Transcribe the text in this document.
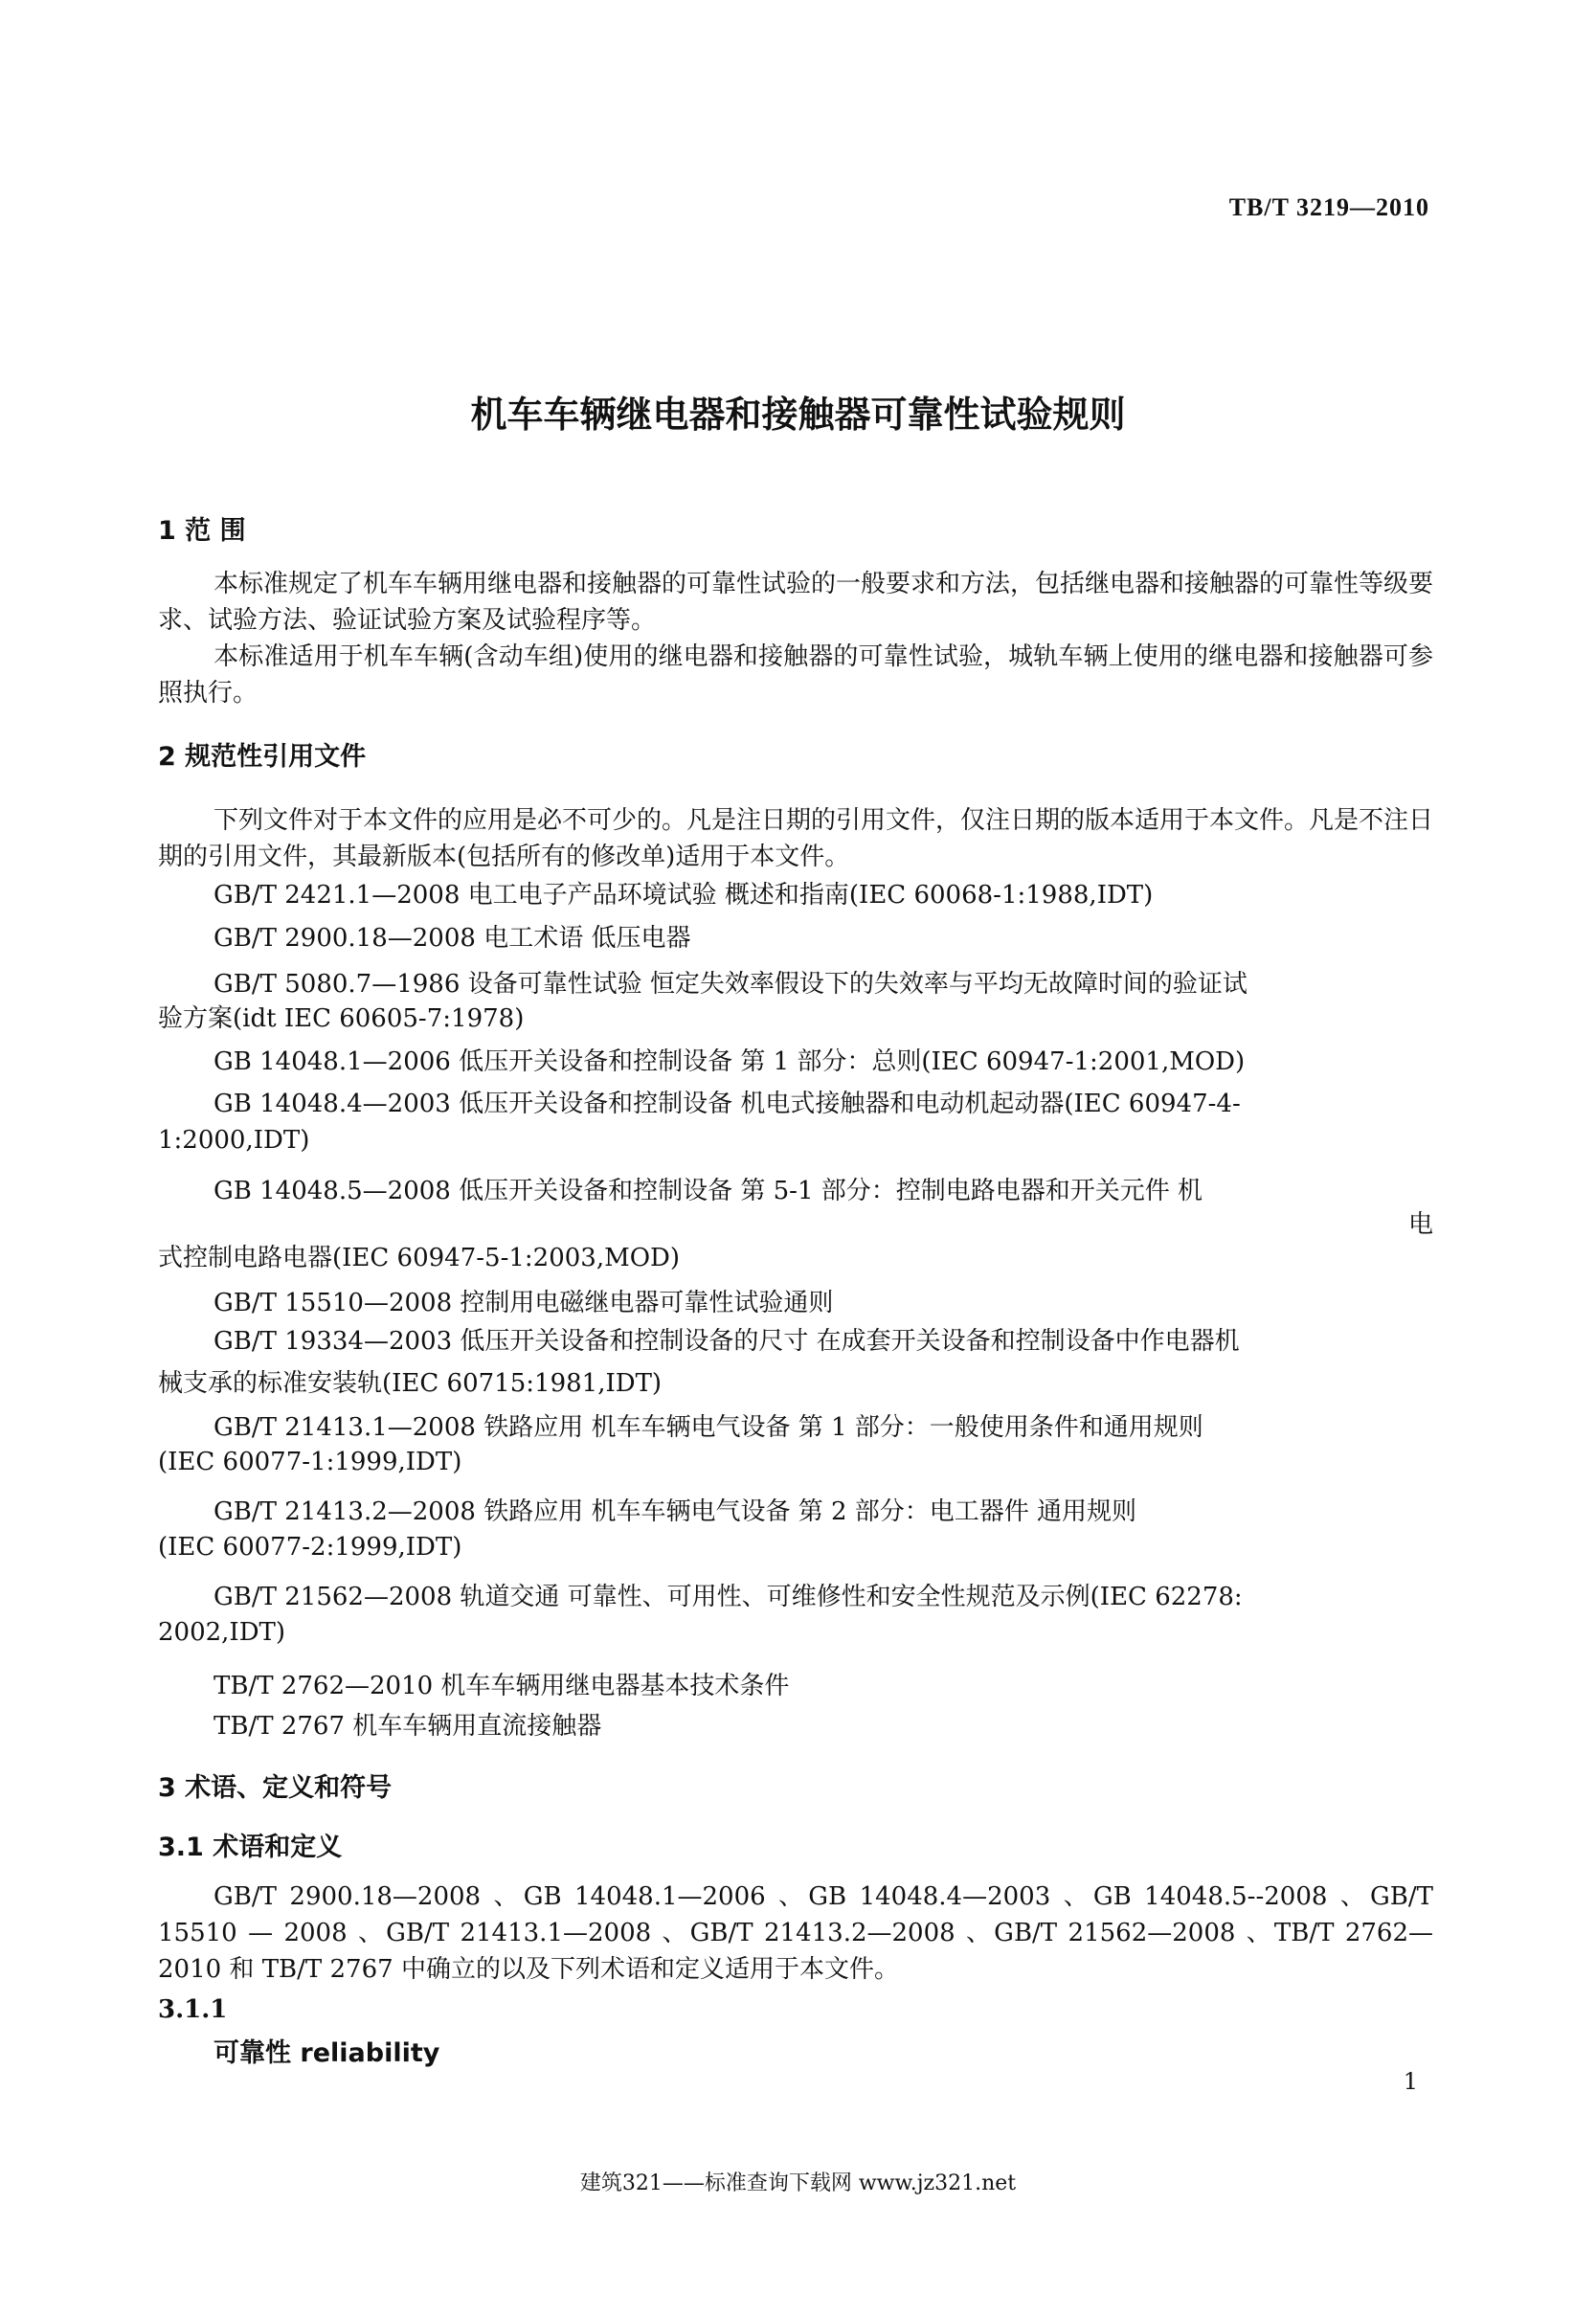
TB/T 3219—2010
机车车辆继电器和接触器可靠性试验规则
1 范 围
本标准规定了机车车辆用继电器和接触器的可靠性试验的一般要求和方法，包括继电器和接触器的可靠性等级要求、试验方法、验证试验方案及试验程序等。
本标准适用于机车车辆(含动车组)使用的继电器和接触器的可靠性试验，城轨车辆上使用的继电器和接触器可参照执行。
2 规范性引用文件
下列文件对于本文件的应用是必不可少的。凡是注日期的引用文件，仅注日期的版本适用于本文件。凡是不注日期的引用文件，其最新版本(包括所有的修改单)适用于本文件。
GB/T 2421.1—2008 电工电子产品环境试验 概述和指南(IEC 60068-1:1988,IDT)
GB/T 2900.18—2008 电工术语 低压电器
GB/T 5080.7—1986 设备可靠性试验 恒定失效率假设下的失效率与平均无故障时间的验证试
验方案(idt IEC 60605-7:1978)
GB 14048.1—2006 低压开关设备和控制设备 第 1 部分：总则(IEC 60947-1:2001,MOD)
GB 14048.4—2003 低压开关设备和控制设备 机电式接触器和电动机起动器(IEC 60947-4-
1:2000,IDT)
GB 14048.5—2008 低压开关设备和控制设备 第 5-1 部分：控制电路电器和开关元件 机
电
式控制电路电器(IEC 60947-5-1:2003,MOD)
GB/T 15510—2008 控制用电磁继电器可靠性试验通则
GB/T 19334—2003 低压开关设备和控制设备的尺寸 在成套开关设备和控制设备中作电器机
械支承的标准安装轨(IEC 60715:1981,IDT)
GB/T 21413.1—2008 铁路应用 机车车辆电气设备 第 1 部分：一般使用条件和通用规则
(IEC 60077-1:1999,IDT)
GB/T 21413.2—2008 铁路应用 机车车辆电气设备 第 2 部分：电工器件 通用规则
(IEC 60077-2:1999,IDT)
GB/T 21562—2008 轨道交通 可靠性、可用性、可维修性和安全性规范及示例(IEC 62278:
2002,IDT)
TB/T 2762—2010 机车车辆用继电器基本技术条件
TB/T 2767 机车车辆用直流接触器
3 术语、定义和符号
3.1 术语和定义
GB/T 2900.18—2008 、GB 14048.1—2006 、GB 14048.4—2003 、GB 14048.5--2008 、GB/T 15510 — 2008 、GB/T 21413.1—2008 、GB/T 21413.2—2008 、GB/T 21562—2008 、TB/T 2762—2010 和 TB/T 2767 中确立的以及下列术语和定义适用于本文件。
3.1.1
可靠性 reliability
1
建筑321——标准查询下载网 www.jz321.net
